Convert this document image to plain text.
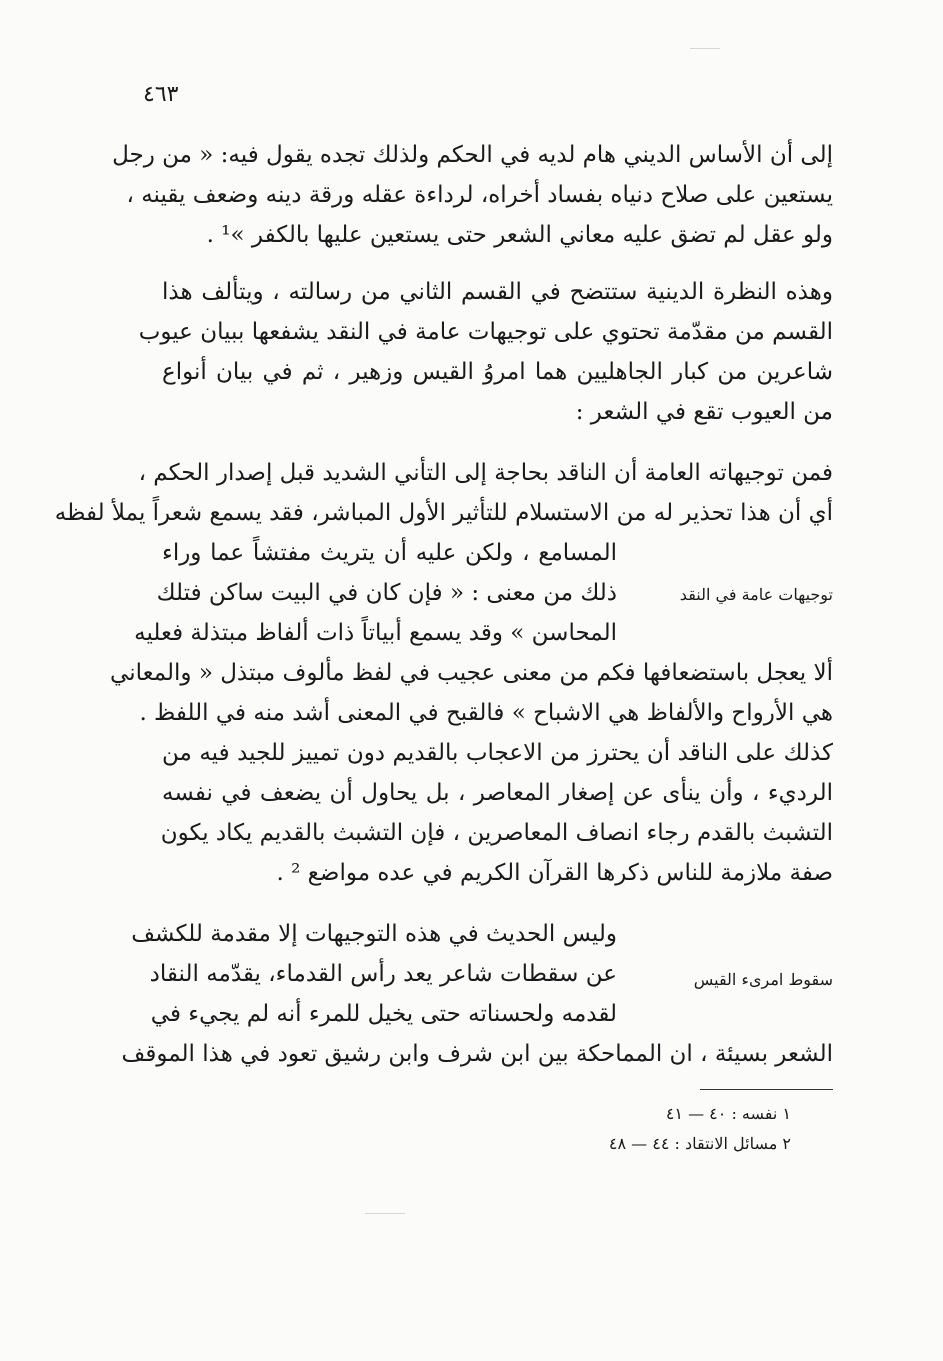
٤٦٣
إلى أن الأساس الديني هام لديه في الحكم ولذلك تجده يقول فيه: « من رجل
يستعين على صلاح دنياه بفساد أخراه، لرداءة عقله ورقة دينه وضعف يقينه ،
ولو عقل لم تضق عليه معاني الشعر حتى يستعين عليها بالكفر »¹ .
وهذه النظرة الدينية ستتضح في القسم الثاني من رسالته ، ويتألف هذا
القسم من مقدّمة تحتوي على توجيهات عامة في النقد يشفعها ببيان عيوب
شاعرين من كبار الجاهليين هما امروُ القيس وزهير ، ثم في بيان أنواع
من العيوب تقع في الشعر :
فمن توجيهاته العامة أن الناقد بحاجة إلى التأني الشديد قبل إصدار الحكم ،
أي أن هذا تحذير له من الاستسلام للتأثير الأول المباشر، فقد يسمع شعراً يملأ لفظه
المسامع ، ولكن عليه أن يتريث مفتشاً عما وراء
ذلك من معنى : « فإن كان في البيت ساكن فتلك
المحاسن » وقد يسمع أبياتاً ذات ألفاظ مبتذلة فعليه
ألا يعجل باستضعافها فكم من معنى عجيب في لفظ مألوف مبتذل « والمعاني
هي الأرواح والألفاظ هي الاشباح » فالقبح في المعنى أشد منه في اللفظ .
كذلك على الناقد أن يحترز من الاعجاب بالقديم دون تمييز للجيد فيه من
الرديء ، وأن ينأى عن إصغار المعاصر ، بل يحاول أن يضعف في نفسه
التشبث بالقدم رجاء انصاف المعاصرين ، فإن التشبث بالقديم يكاد يكون
صفة ملازمة للناس ذكرها القرآن الكريم في عده مواضع ² .
توجيهات عامة في النقد
وليس الحديث في هذه التوجيهات إلا مقدمة للكشف
عن سقطات شاعر يعد رأس القدماء، يقدّمه النقاد
لقدمه ولحسناته حتى يخيل للمرء أنه لم يجيء في
الشعر بسيئة ، ان المماحكة بين ابن شرف وابن رشيق تعود في هذا الموقف
سقوط امرىء القيس
١ نفسه : ٤٠ — ٤١
٢ مسائل الانتقاد : ٤٤ — ٤٨
